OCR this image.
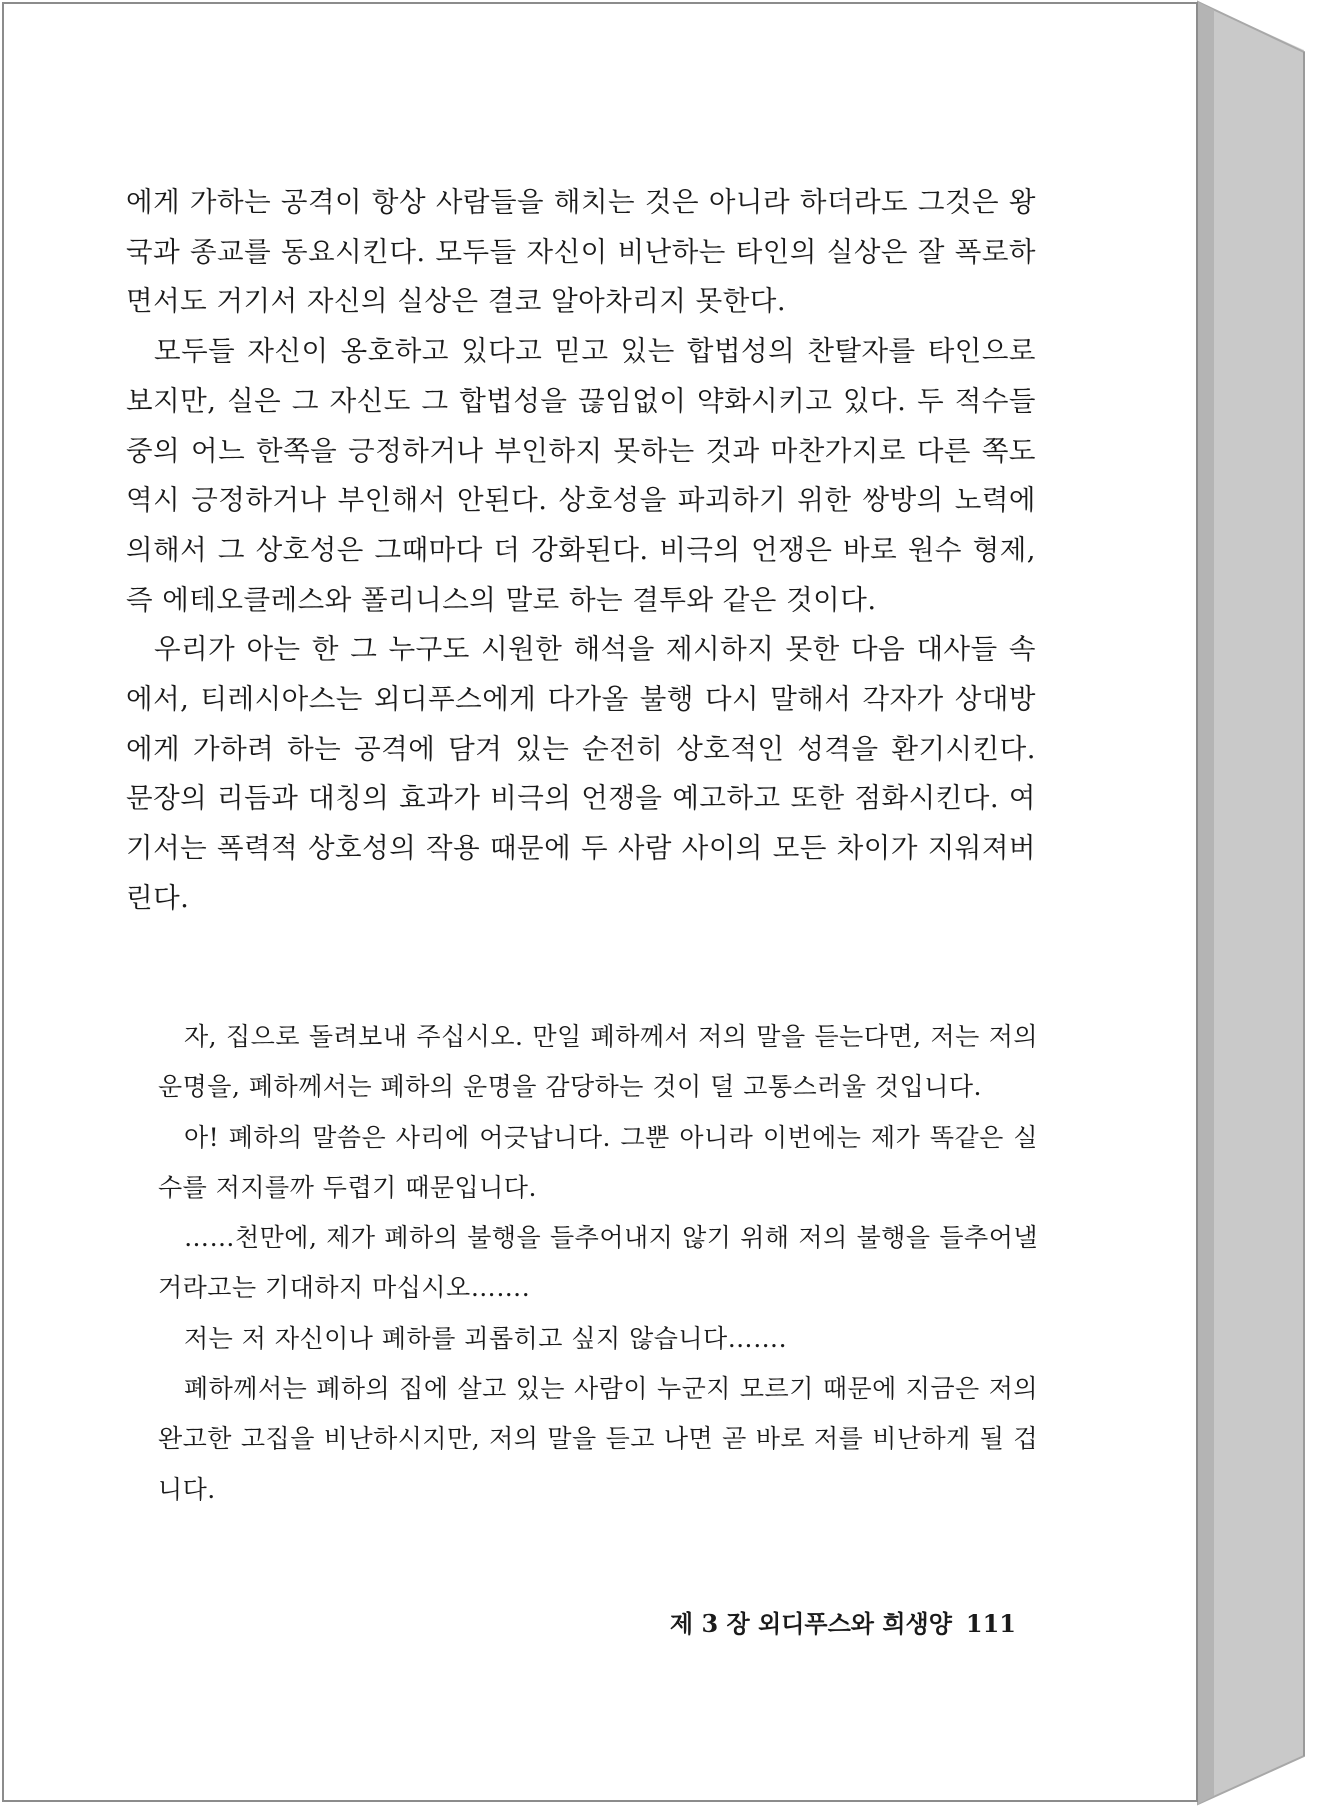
에게 가하는 공격이 항상 사람들을 해치는 것은 아니라 하더라도 그것은 왕국과 종교를 동요시킨다. 모두들 자신이 비난하는 타인의 실상은 잘 폭로하면서도 거기서 자신의 실상은 결코 알아차리지 못한다.

모두들 자신이 옹호하고 있다고 믿고 있는 합법성의 찬탈자를 타인으로 보지만, 실은 그 자신도 그 합법성을 끊임없이 약화시키고 있다. 두 적수들 중의 어느 한쪽을 긍정하거나 부인하지 못하는 것과 마찬가지로 다른 쪽도 역시 긍정하거나 부인해서 안된다. 상호성을 파괴하기 위한 쌍방의 노력에 의해서 그 상호성은 그때마다 더 강화된다. 비극의 언쟁은 바로 원수 형제, 즉 에테오클레스와 폴리니스의 말로 하는 결투와 같은 것이다.

우리가 아는 한 그 누구도 시원한 해석을 제시하지 못한 다음 대사들 속에서, 티레시아스는 외디푸스에게 다가올 불행 다시 말해서 각자가 상대방에게 가하려 하는 공격에 담겨 있는 순전히 상호적인 성격을 환기시킨다. 문장의 리듬과 대칭의 효과가 비극의 언쟁을 예고하고 또한 점화시킨다. 여기서는 폭력적 상호성의 작용 때문에 두 사람 사이의 모든 차이가 지워져버린다.

자, 집으로 돌려보내 주십시오. 만일 폐하께서 저의 말을 듣는다면, 저는 저의 운명을, 폐하께서는 폐하의 운명을 감당하는 것이 덜 고통스러울 것입니다.

아! 폐하의 말씀은 사리에 어긋납니다. 그뿐 아니라 이번에는 제가 똑같은 실수를 저지를까 두렵기 때문입니다.

……천만에, 제가 폐하의 불행을 들추어내지 않기 위해 저의 불행을 들추어낼 거라고는 기대하지 마십시오…….

저는 저 자신이나 폐하를 괴롭히고 싶지 않습니다…….

폐하께서는 폐하의 집에 살고 있는 사람이 누군지 모르기 때문에 지금은 저의 완고한 고집을 비난하시지만, 저의 말을 듣고 나면 곧 바로 저를 비난하게 될 겁니다.

제 3 장 외디푸스와 희생양 111
